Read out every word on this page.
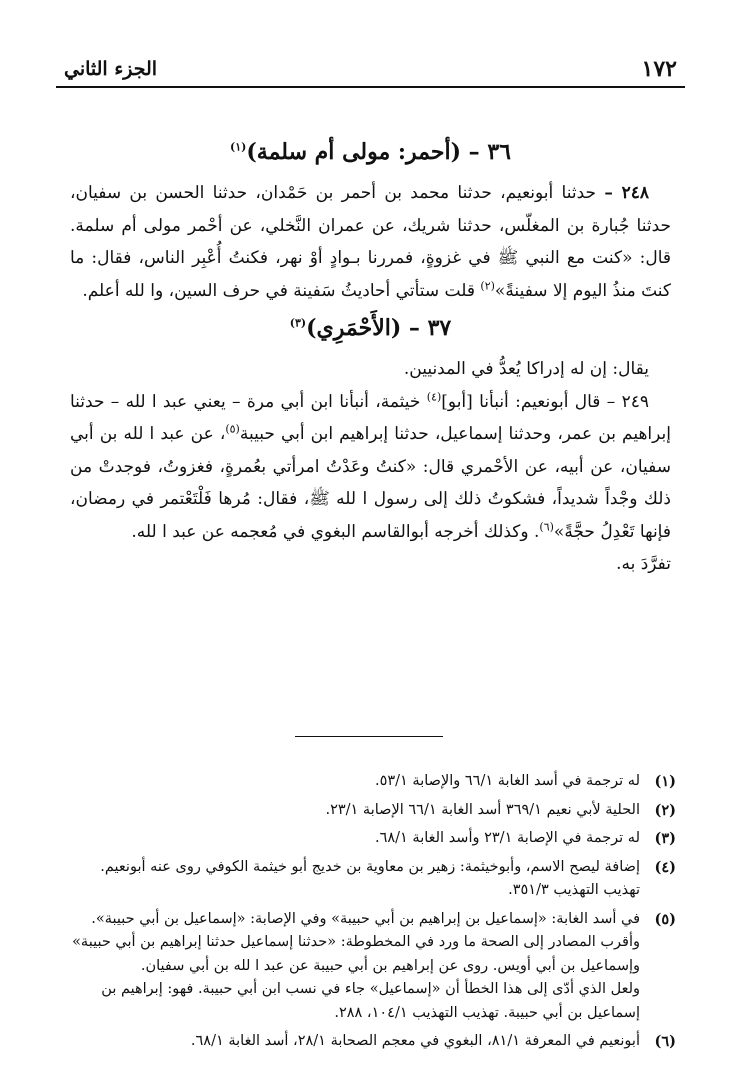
١٧٢
الجزء الثاني
٣٦ – (أحمر: مولى أم سلمة)$^{(١)}$

٢٤٨ – حدثنا أبونعيم، حدثنا محمد بن أحمر بن حَمْدان، حدثنا الحسن بن سفيان، حدثنا جُبارة بن المغلّس، حدثنا شريك، عن عمران النَّخلي، عن أحْمر مولى أم سلمة. قال: «كنت مع النبي ﷺ في غزوةٍ، فمررنا بـوادٍ أوْ نهر، فكنتُ أُعْبِر الناس، فقال: ما كنتَ منذُ اليوم إلا سفينةً»$^{(٢)}$ قلت ستأتي أحاديثُ سَفينة في حرف السين، وا لله أعلم.

٣٧ – (الأَحْمَرِي)$^{(٣)}$

يقال: إن له إدراكا يُعدُّ في المدنيين.

٢٤٩ – قال أبونعيم: أنبأنا [أبو]$^{(٤)}$ خيثمة، أنبأنا ابن أبي مرة – يعني عبد ا لله – حدثنا إبراهيم بن عمر، وحدثنا إسماعيل، حدثنا إبراهيم ابن أبي حبيبة$^{(٥)}$، عن عبد ا لله بن أبي سفيان، عن أبيه، عن الأحْمري قال: «كنتُ وعَدْتُ امرأتي بعُمرةٍ، فغزوتُ، فوجدتْ من ذلك وجْداً شديداً، فشكوتُ ذلك إلى رسول ا لله ﷺ، فقال: مُرها فَلْتَعْتمر في رمضان، فإنها تَعْدِلُ حجَّةً»$^{(٦)}$. وكذلك أخرجه أبوالقاسم البغوي في مُعجمه عن عبد ا لله.

تفرَّدَ به.

(١)
له ترجمة في أسد الغابة ٦٦/١ والإصابة ٥٣/١.
(٢)
الحلية لأبي نعيم ٣٦٩/١ أسد الغابة ٦٦/١ الإصابة ٢٣/١.
(٣)
له ترجمة في الإصابة ٢٣/١ وأسد الغابة ٦٨/١.
(٤)
إضافة ليصح الاسم، وأبوخيثمة: زهير بن معاوية بن خديج أبو خيثمة الكوفي روى عنه أبونعيم.
تهذيب التهذيب ٣٥١/٣.
(٥)
في أسد الغابة: «إسماعيل بن إبراهيم بن أبي حبيبة» وفي الإصابة: «إسماعيل بن أبي حبيبة».
وأقرب المصادر إلى الصحة ما ورد في المخطوطة: «حدثنا إسماعيل حدثنا إبراهيم بن أبي حبيبة»
وإسماعيل بن أبي أويس. روى عن إبراهيم بن أبي حبيبة عن عبد ا لله بن أبي سفيان.
ولعل الذي أدّى إلى هذا الخطأ أن «إسماعيل» جاء في نسب ابن أبي حبيبة. فهو: إبراهيم بن
إسماعيل بن أبي حبيبة. تهذيب التهذيب ١٠٤/١، ٢٨٨.
(٦)
أبونعيم في المعرفة ٨١/١، البغوي في معجم الصحابة ٢٨/١، أسد الغابة ٦٨/١.
